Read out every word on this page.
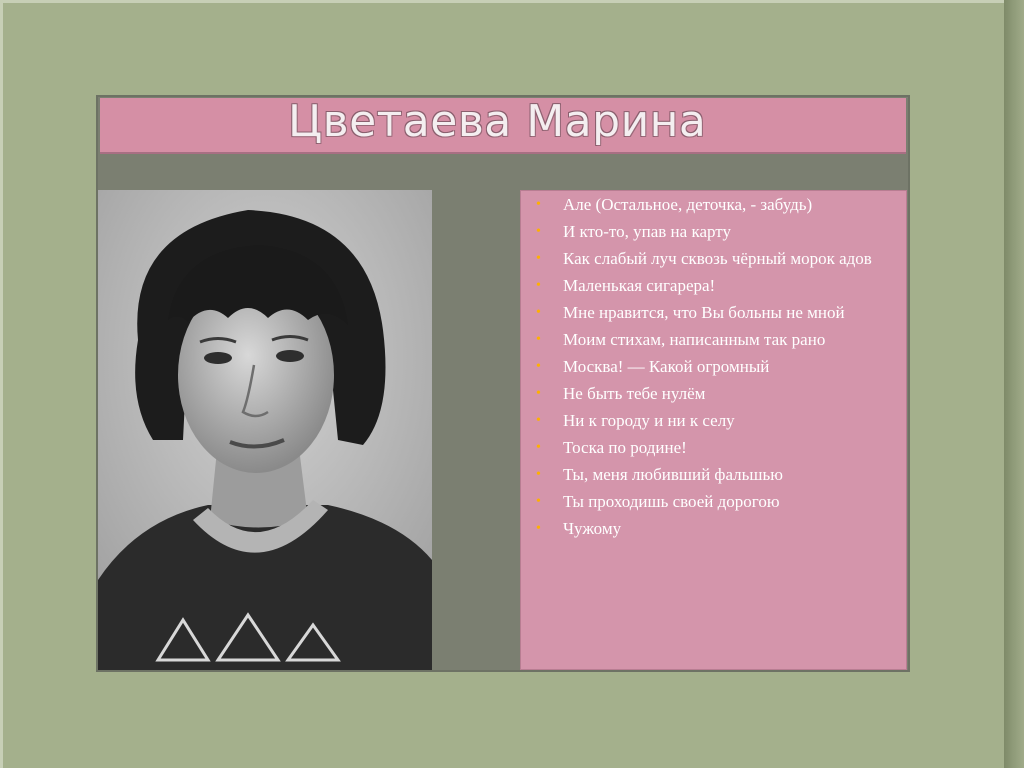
Цветаева Марина
• Але (Остальное, деточка, - забудь)
• И кто-то, упав на карту
• Как слабый луч сквозь чёрный морок адов
• Маленькая сигарера!
• Мне нравится, что Вы больны не мной
• Моим стихам, написанным так рано
• Москва! — Какой огромный
• Не быть тебе нулём
• Ни к городу и ни к селу
• Тоска по родине!
• Ты, меня любивший фальшью
• Ты проходишь своей дорогою
• Чужому
